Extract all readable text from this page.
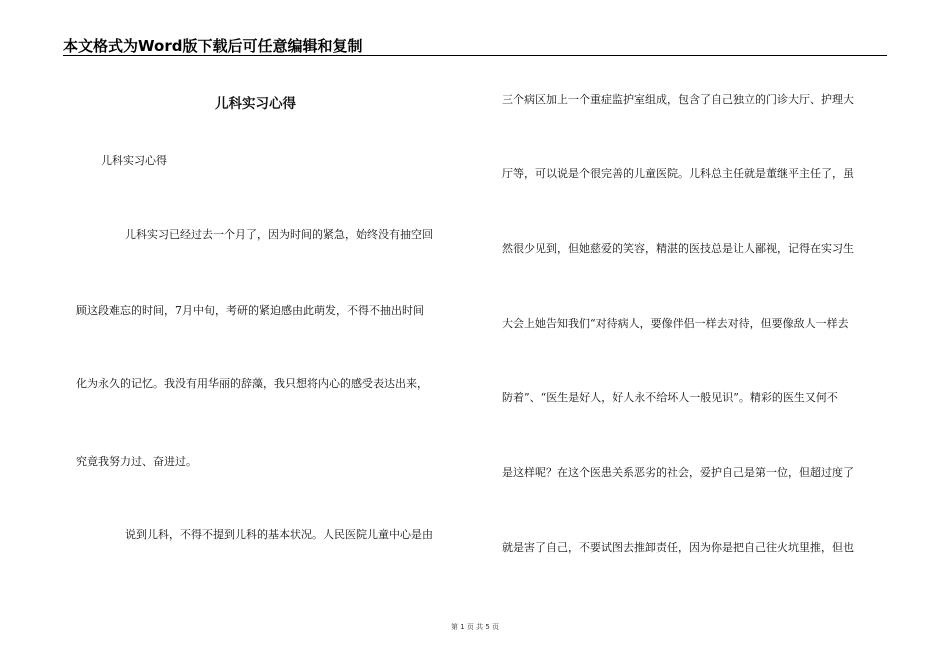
本文格式为Word版下载后可任意编辑和复制
儿科实习心得
儿科实习心得
儿科实习已经过去一个月了，因为时间的紧急，始终没有抽空回
顾这段难忘的时间，7月中旬，考研的紧迫感由此萌发，不得不抽出时间
化为永久的记忆。我没有用华丽的辞藻，我只想将内心的感受表达出来，
究竟我努力过、奋进过。
说到儿科，不得不提到儿科的基本状况。人民医院儿童中心是由
三个病区加上一个重症监护室组成，包含了自己独立的门诊大厅、护理大
厅等，可以说是个很完善的儿童医院。儿科总主任就是董继平主任了，虽
然很少见到，但她慈爱的笑容，精湛的医技总是让人鄙视，记得在实习生
大会上她告知我们“对待病人，要像伴侣一样去对待，但要像敌人一样去
防着”、“医生是好人，好人永不给坏人一般见识”。精彩的医生又何不
是这样呢？在这个医患关系恶劣的社会，爱护自己是第一位，但超过度了
就是害了自己，不要试图去推卸责任，因为你是把自己往火坑里推，但也
第 1 页 共 5 页
